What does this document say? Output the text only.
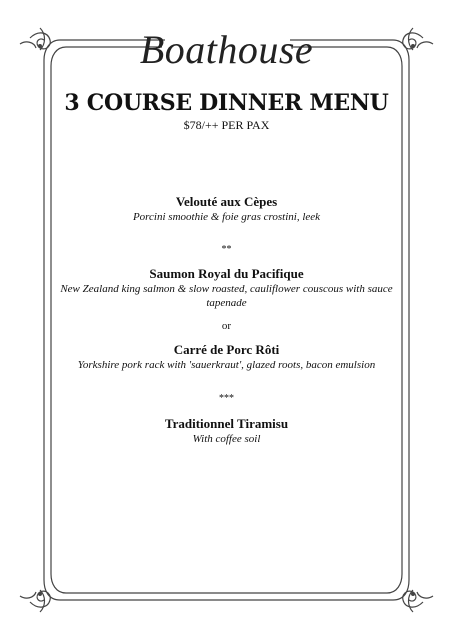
Boathouse
3 COURSE DINNER MENU
$78/++ PER PAX
Velouté aux Cèpes
Porcini smoothie & foie gras crostini, leek
**
Saumon Royal du Pacifique
New Zealand king salmon & slow roasted, cauliflower couscous with sauce tapenade
or
Carré de Porc Rôti
Yorkshire pork rack with 'sauerkraut', glazed roots, bacon emulsion
***
Traditionnel Tiramisu
With coffee soil
